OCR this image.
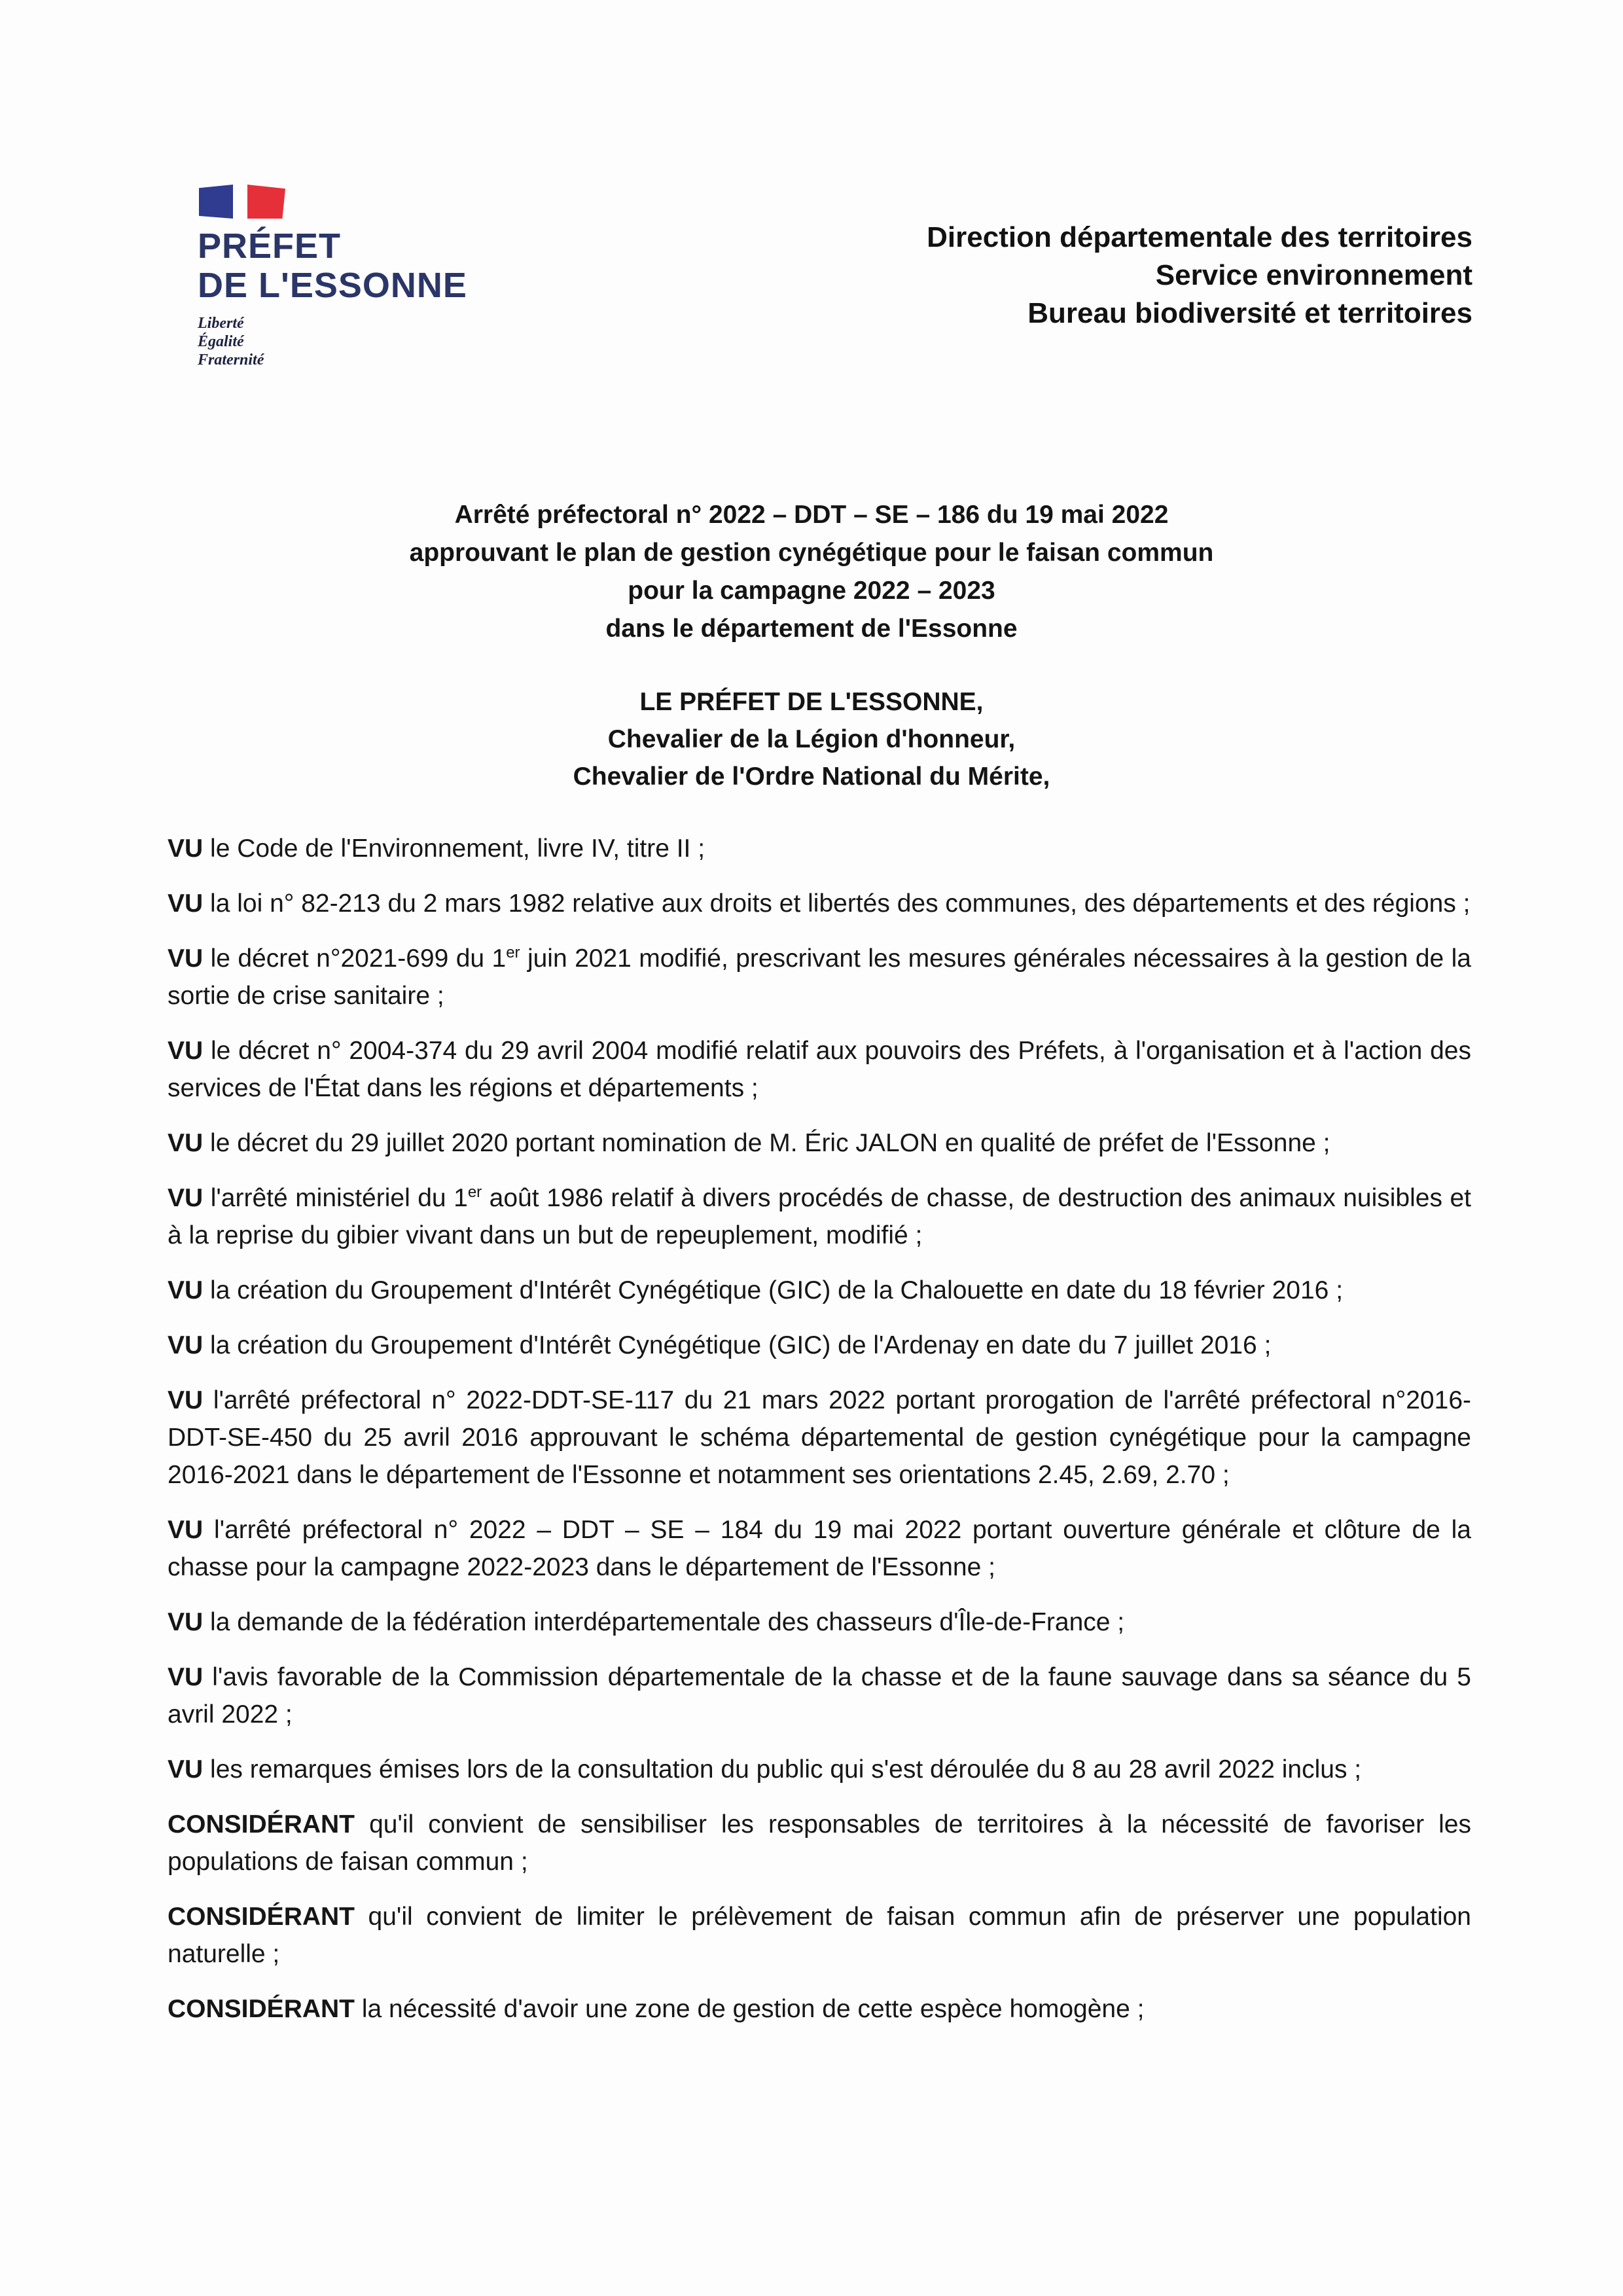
PRÉFET
DE L'ESSONNE
Liberté
Égalité
Fraternité
Direction départementale des territoires
Service environnement
Bureau biodiversité et territoires
Arrêté préfectoral n° 2022 – DDT – SE – 186 du 19 mai 2022
approuvant le plan de gestion cynégétique pour le faisan commun
pour la campagne 2022 – 2023
dans le département de l'Essonne
LE PRÉFET DE L'ESSONNE,
Chevalier de la Légion d'honneur,
Chevalier de l'Ordre National du Mérite,

VU le Code de l'Environnement, livre IV, titre II ;

VU la loi n° 82-213 du 2 mars 1982 relative aux droits et libertés des communes, des départements et des régions ;

VU le décret n°2021-699 du 1er juin 2021 modifié, prescrivant les mesures générales nécessaires à la gestion de la sortie de crise sanitaire ;

VU le décret n° 2004-374 du 29 avril 2004 modifié relatif aux pouvoirs des Préfets, à l'organisation et à l'action des services de l'État dans les régions et départements ;

VU le décret du 29 juillet 2020 portant nomination de M. Éric JALON en qualité de préfet de l'Essonne ;

VU l'arrêté ministériel du 1er août 1986 relatif à divers procédés de chasse, de destruction des animaux nuisibles et à la reprise du gibier vivant dans un but de repeuplement, modifié ;

VU la création du Groupement d'Intérêt Cynégétique (GIC) de la Chalouette en date du 18 février 2016 ;

VU la création du Groupement d'Intérêt Cynégétique (GIC) de l'Ardenay en date du 7 juillet 2016 ;

VU l'arrêté préfectoral n° 2022-DDT-SE-117 du 21 mars 2022 portant prorogation de l'arrêté préfectoral n°2016-DDT-SE-450 du 25 avril 2016 approuvant le schéma départemental de gestion cynégétique pour la campagne 2016-2021 dans le département de l'Essonne et notamment ses orientations 2.45, 2.69, 2.70 ;

VU l'arrêté préfectoral n° 2022 – DDT – SE – 184 du 19 mai 2022 portant ouverture générale et clôture de la chasse pour la campagne 2022-2023 dans le département de l'Essonne ;

VU la demande de la fédération interdépartementale des chasseurs d'Île-de-France ;

VU l'avis favorable de la Commission départementale de la chasse et de la faune sauvage dans sa séance du 5 avril 2022 ;

VU les remarques émises lors de la consultation du public qui s'est déroulée du 8 au 28 avril 2022 inclus ;

CONSIDÉRANT qu'il convient de sensibiliser les responsables de territoires à la nécessité de favoriser les populations de faisan commun ;

CONSIDÉRANT qu'il convient de limiter le prélèvement de faisan commun afin de préserver une population naturelle ;

CONSIDÉRANT la nécessité d'avoir une zone de gestion de cette espèce homogène ;
